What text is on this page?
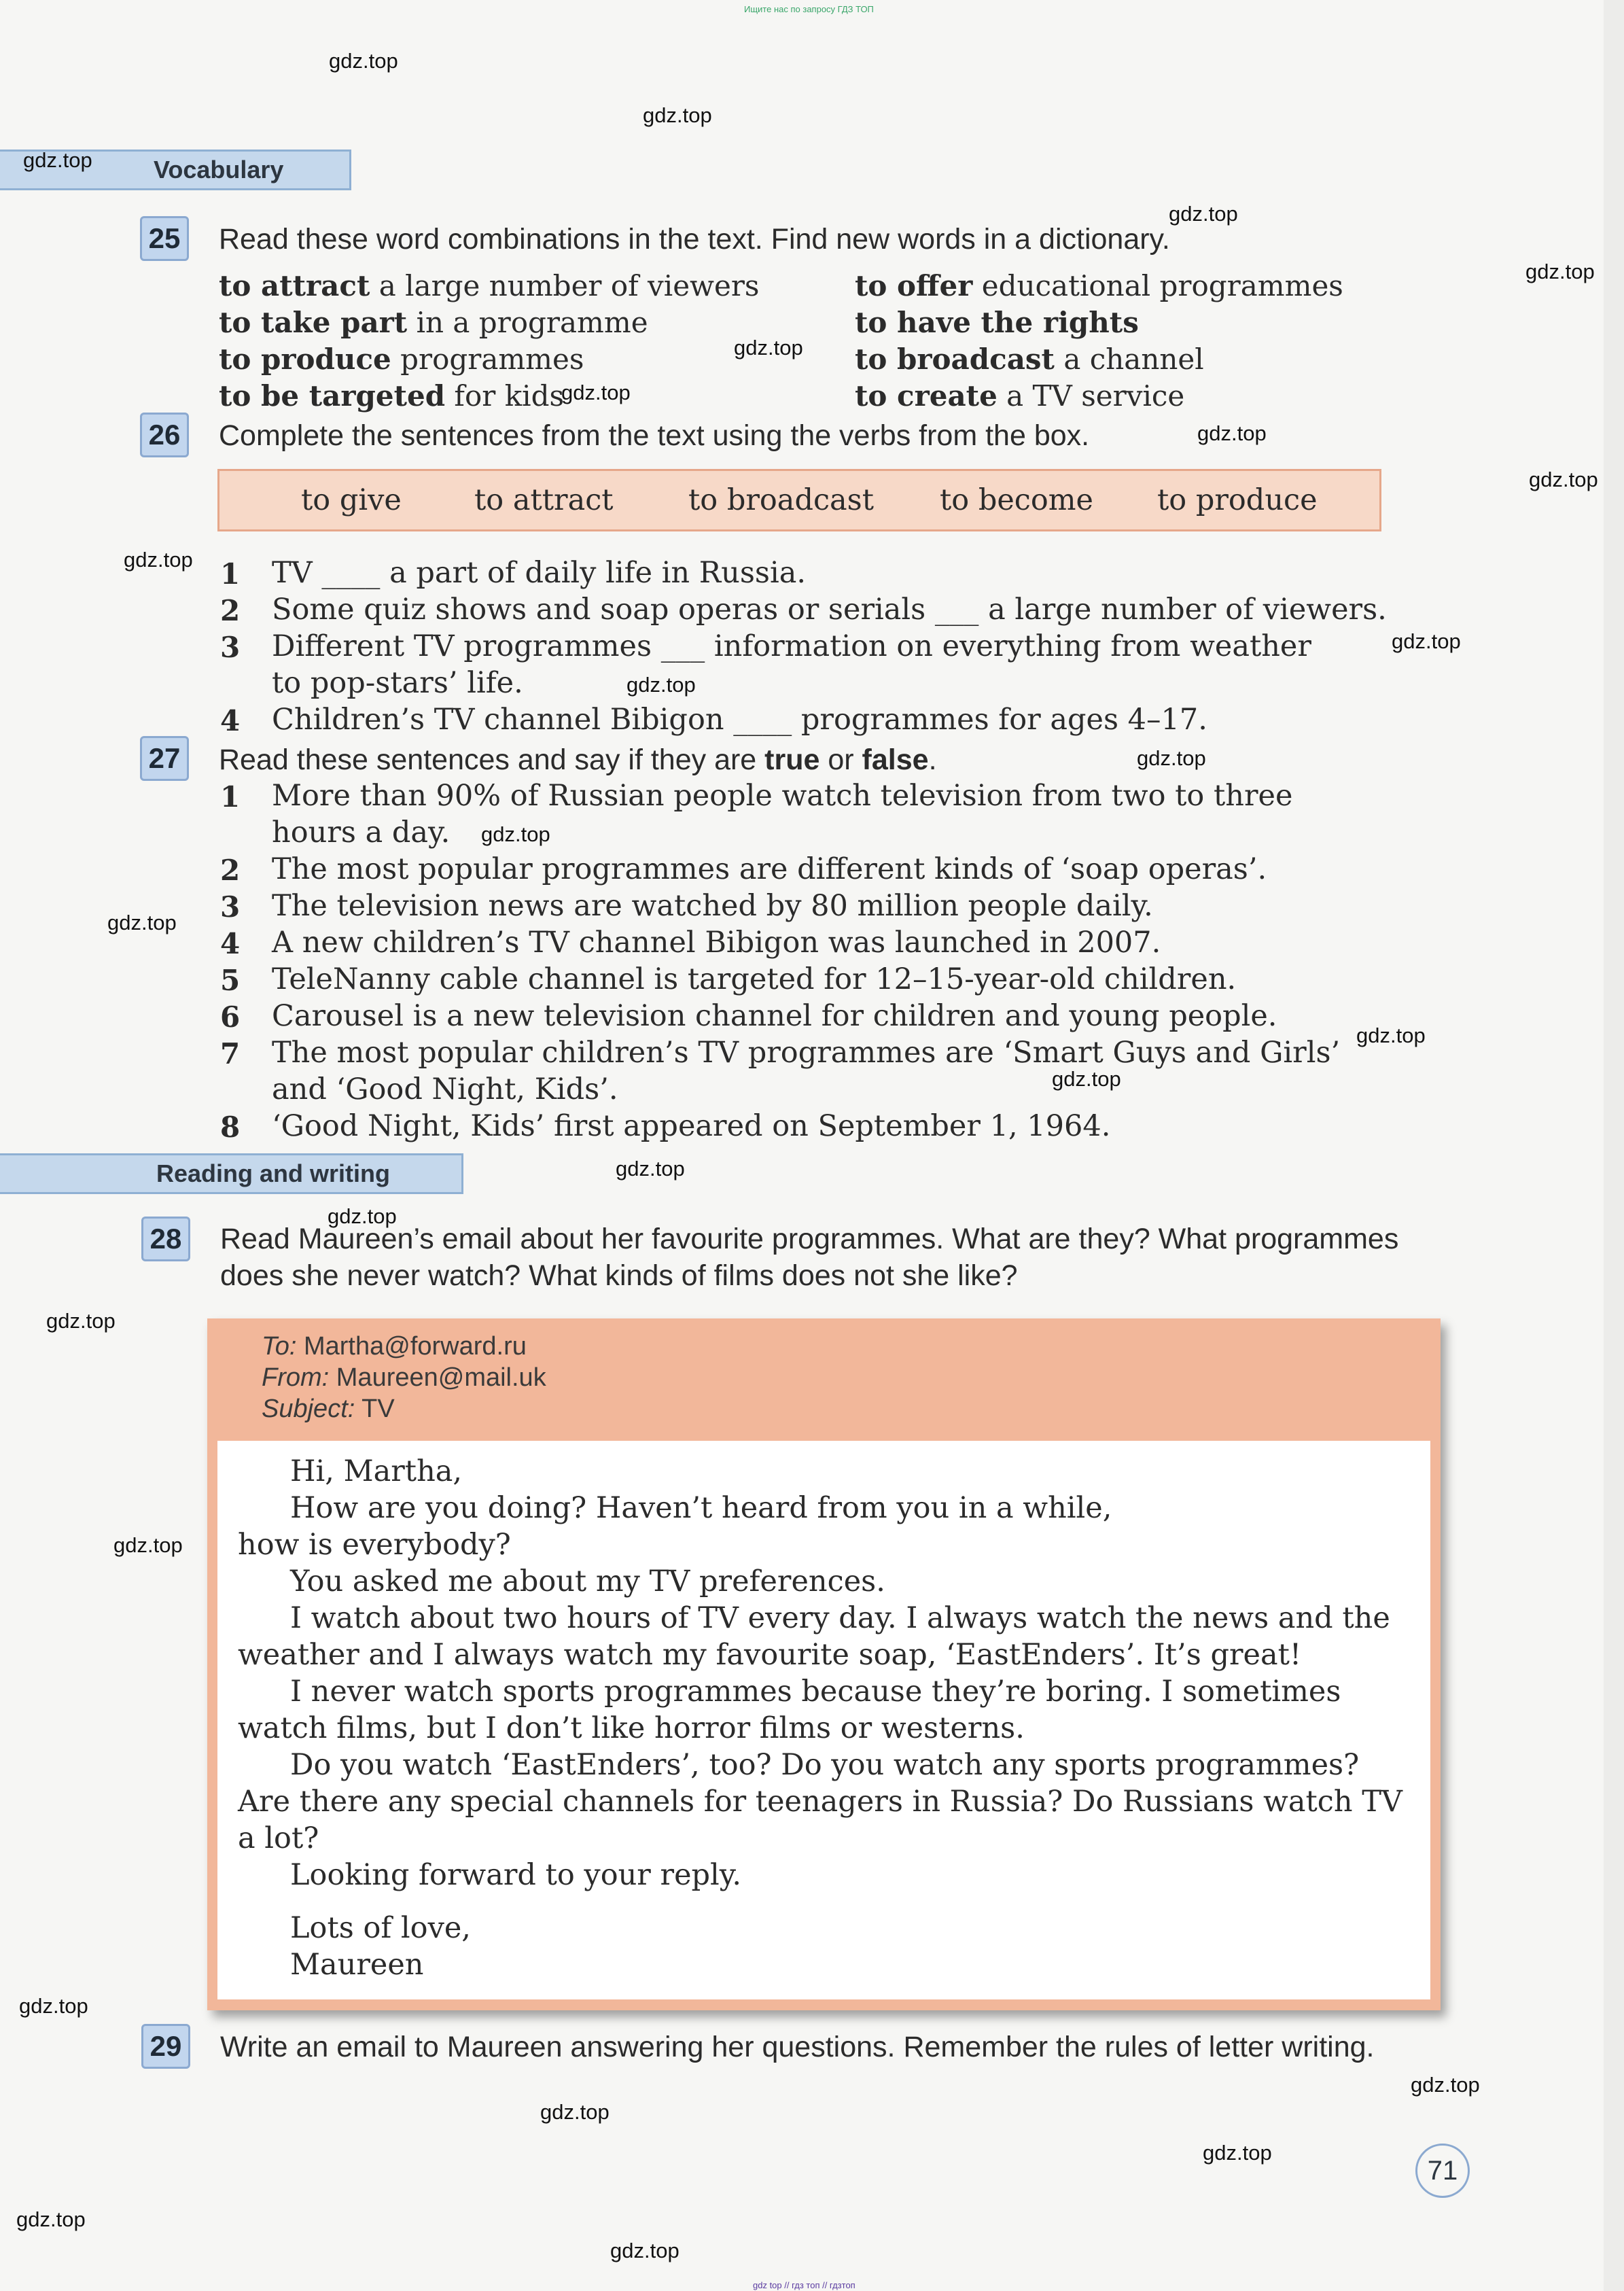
Ищите нас по запросу ГДЗ ТОП
gdz.top
gdz.top
gdz.top
gdz.top
gdz.top
gdz.top
gdz.top
gdz.top
gdz.top
gdz.top
gdz.top
gdz.top
gdz.top
gdz.top
gdz.top
gdz.top
gdz.top
gdz.top
gdz.top
gdz.top
gdz.top
gdz.top
gdz.top
gdz.top
gdz.top
gdz.top
Vocabulary
gdz.top
25 Read these word combinations in the text. Find new words in a dictionary.
to attract a large number of viewers
to take part in a programme
to produce programmes
to be targeted for kids
to offer educational programmes
to have the rights
to broadcast a channel
to create a TV service
26 Complete the sentences from the text using the verbs from the box.
to give to attract	to broadcast to become to produce
1 TV ____ a part of daily life in Russia.
2 Some quiz shows and soap operas or serials ___ a large number of viewers.
3 Different TV programmes ___ information on everything from weather
to pop-stars’ life.
4 Children’s TV channel Bibigon ____ programmes for ages 4–17.
27 Read these sentences and say if they are true or false.
1 More than 90% of Russian people watch television from two to three
hours a day.
2 The most popular programmes are different kinds of ‘soap operas’.
3 The television news are watched by 80 million people daily.
4 A new children’s TV channel Bibigon was launched in 2007.
5 TeleNanny cable channel is targeted for 12–15-year-old children.
6 Carousel is a new television channel for children and young people.
7 The most popular children’s TV programmes are ‘Smart Guys and Girls’
and ‘Good Night, Kids’.
8 ‘Good Night, Kids’ first appeared on September 1, 1964.
Reading and writing
28 Read Maureen’s email about her favourite programmes. What are they? What programmes
does she never watch? What kinds of films does not she like?
To: Martha@forward.ru
From: Maureen@mail.uk
Subject: TV
Hi, Martha,
How are you doing? Haven’t heard from you in a while,
how is everybody?
You asked me about my TV preferences.
I watch about two hours of TV every day. I always watch the news and the
weather and I always watch my favourite soap, ‘EastEnders’. It’s great!
I never watch sports programmes because they’re boring. I sometimes
watch films, but I don’t like horror films or westerns.
Do you watch ‘EastEnders’, too? Do you watch any sports programmes?
Are there any special channels for teenagers in Russia? Do Russians watch TV
a lot?
Looking forward to your reply.
Lots of love,
Maureen
29 Write an email to Maureen answering her questions. Remember the rules of letter writing.
71
gdz top // гдз топ // гдзтоп
